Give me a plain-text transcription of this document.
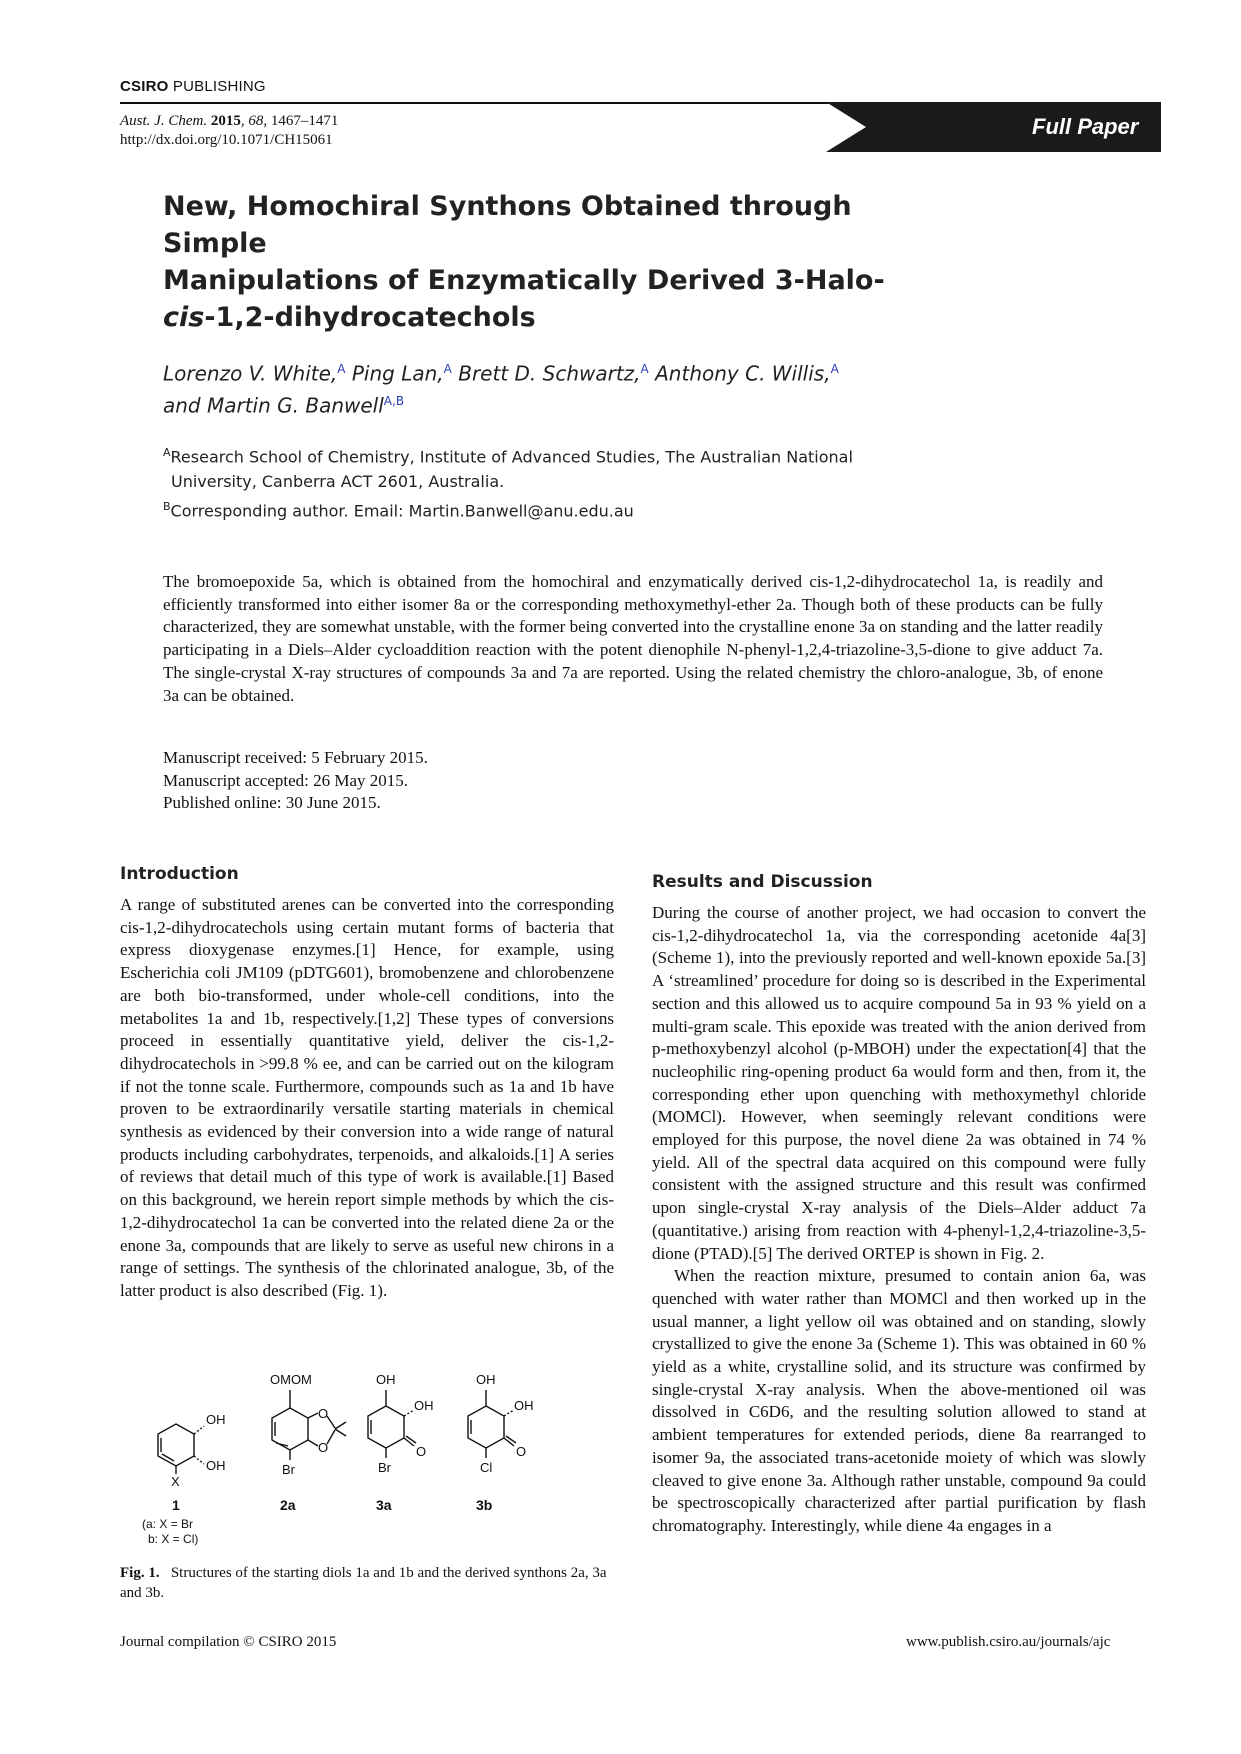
CSIRO PUBLISHING
Aust. J. Chem. 2015, 68, 1467–1471
http://dx.doi.org/10.1071/CH15061
Full Paper
New, Homochiral Synthons Obtained through Simple
Manipulations of Enzymatically Derived 3-Halo-
cis-1,2-dihydrocatechols
Lorenzo V. White,$^A$ Ping Lan,$^A$ Brett D. Schwartz,$^A$ Anthony C. Willis,$^A$
and Martin G. Banwell$^{A,B}$
$^A$Research School of Chemistry, Institute of Advanced Studies, The Australian National
University, Canberra ACT 2601, Australia.
$^B$Corresponding author. Email: Martin.Banwell@anu.edu.au

The bromoepoxide 5a, which is obtained from the homochiral and enzymatically derived cis-1,2-dihydrocatechol 1a, is readily and efficiently transformed into either isomer 8a or the corresponding methoxymethyl-ether 2a. Though both of these products can be fully characterized, they are somewhat unstable, with the former being converted into the crystalline enone 3a on standing and the latter readily participating in a Diels–Alder cycloaddition reaction with the potent dienophile N-phenyl-1,2,4-triazoline-3,5-dione to give adduct 7a. The single-crystal X-ray structures of compounds 3a and 7a are reported. Using the related chemistry the chloro-analogue, 3b, of enone 3a can be obtained.

Manuscript received: 5 February 2015.
Manuscript accepted: 26 May 2015.
Published online: 30 June 2015.
Introduction

A range of substituted arenes can be converted into the corresponding cis-1,2-dihydrocatechols using certain mutant forms of bacteria that express dioxygenase enzymes.[1] Hence, for example, using Escherichia coli JM109 (pDTG601), bromobenzene and chlorobenzene are both bio-transformed, under whole-cell conditions, into the metabolites 1a and 1b, respectively.[1,2] These types of conversions proceed in essentially quantitative yield, deliver the cis-1,2-dihydrocatechols in >99.8 % ee, and can be carried out on the kilogram if not the tonne scale. Furthermore, compounds such as 1a and 1b have proven to be extraordinarily versatile starting materials in chemical synthesis as evidenced by their conversion into a wide range of natural products including carbohydrates, terpenoids, and alkaloids.[1] A series of reviews that detail much of this type of work is available.[1] Based on this background, we herein report simple methods by which the cis-1,2-dihydrocatechol 1a can be converted into the related diene 2a or the enone 3a, compounds that are likely to serve as useful new chirons in a range of settings. The synthesis of the chlorinated analogue, 3b, of the latter product is also described (Fig. 1).

OH
OH
X
OMOM
O
O
Br
OH
OH
O
Br
OH
OH
O
Cl
1	2a	3a	3b
(a: X = Br
b: X = Cl)
Fig. 1. Structures of the starting diols 1a and 1b and the derived synthons 2a, 3a and 3b.
Results and Discussion

During the course of another project, we had occasion to convert the cis-1,2-dihydrocatechol 1a, via the corresponding acetonide 4a[3] (Scheme 1), into the previously reported and well-known epoxide 5a.[3] A ‘streamlined’ procedure for doing so is described in the Experimental section and this allowed us to acquire compound 5a in 93 % yield on a multi-gram scale. This epoxide was treated with the anion derived from p-methoxybenzyl alcohol (p-MBOH) under the expectation[4] that the nucleophilic ring-opening product 6a would form and then, from it, the corresponding ether upon quenching with methoxymethyl chloride (MOMCl). However, when seemingly relevant conditions were employed for this purpose, the novel diene 2a was obtained in 74 % yield. All of the spectral data acquired on this compound were fully consistent with the assigned structure and this result was confirmed upon single-crystal X-ray analysis of the Diels–Alder adduct 7a (quantitative.) arising from reaction with 4-phenyl-1,2,4-triazoline-3,5-dione (PTAD).[5] The derived ORTEP is shown in Fig. 2.

When the reaction mixture, presumed to contain anion 6a, was quenched with water rather than MOMCl and then worked up in the usual manner, a light yellow oil was obtained and on standing, slowly crystallized to give the enone 3a (Scheme 1). This was obtained in 60 % yield as a white, crystalline solid, and its structure was confirmed by single-crystal X-ray analysis. When the above-mentioned oil was dissolved in C6D6, and the resulting solution allowed to stand at ambient temperatures for extended periods, diene 8a rearranged to isomer 9a, the associated trans-acetonide moiety of which was slowly cleaved to give enone 3a. Although rather unstable, compound 9a could be spectroscopically characterized after partial purification by flash chromatography. Interestingly, while diene 4a engages in a

Journal compilation © CSIRO 2015	www.publish.csiro.au/journals/ajc
